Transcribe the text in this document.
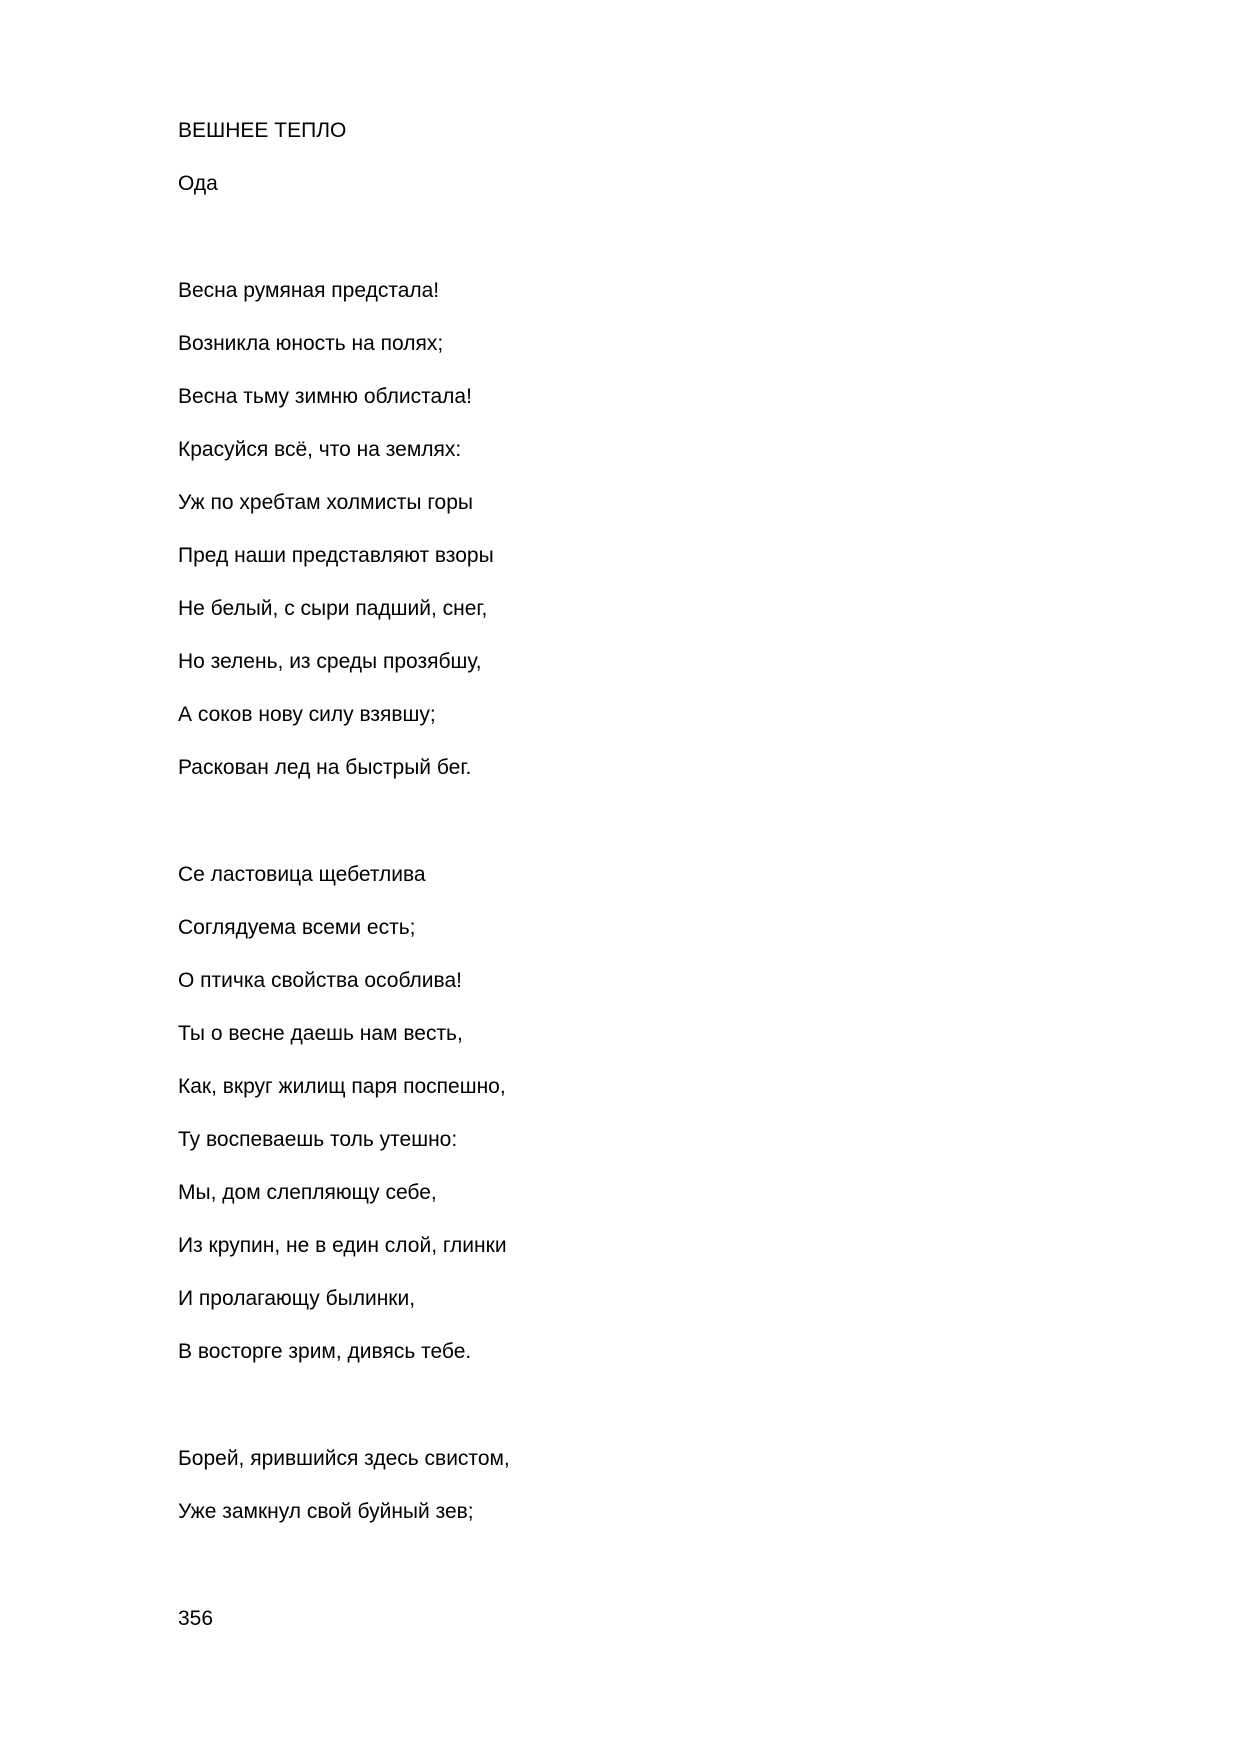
ВЕШНЕЕ ТЕПЛО
Ода
Весна румяная предстала!
Возникла юность на полях;
Весна тьму зимню облистала!
Красуйся всё, что на землях:
Уж по хребтам холмисты горы
Пред наши представляют взоры
Не белый, с сыри падший, снег,
Но зелень, из среды прозябшу,
А соков нову силу взявшу;
Раскован лед на быстрый бег.
Се ластовица щебетлива
Соглядуема всеми есть;
О птичка свойства особлива!
Ты о весне даешь нам весть,
Как, вкруг жилищ паря поспешно,
Ту воспеваешь толь утешно:
Мы, дом слепляющу себе,
Из крупин, не в един слой, глинки
И пролагающу былинки,
В восторге зрим, дивясь тебе.
Борей, ярившийся здесь свистом,
Уже замкнул свой буйный зев;
356
